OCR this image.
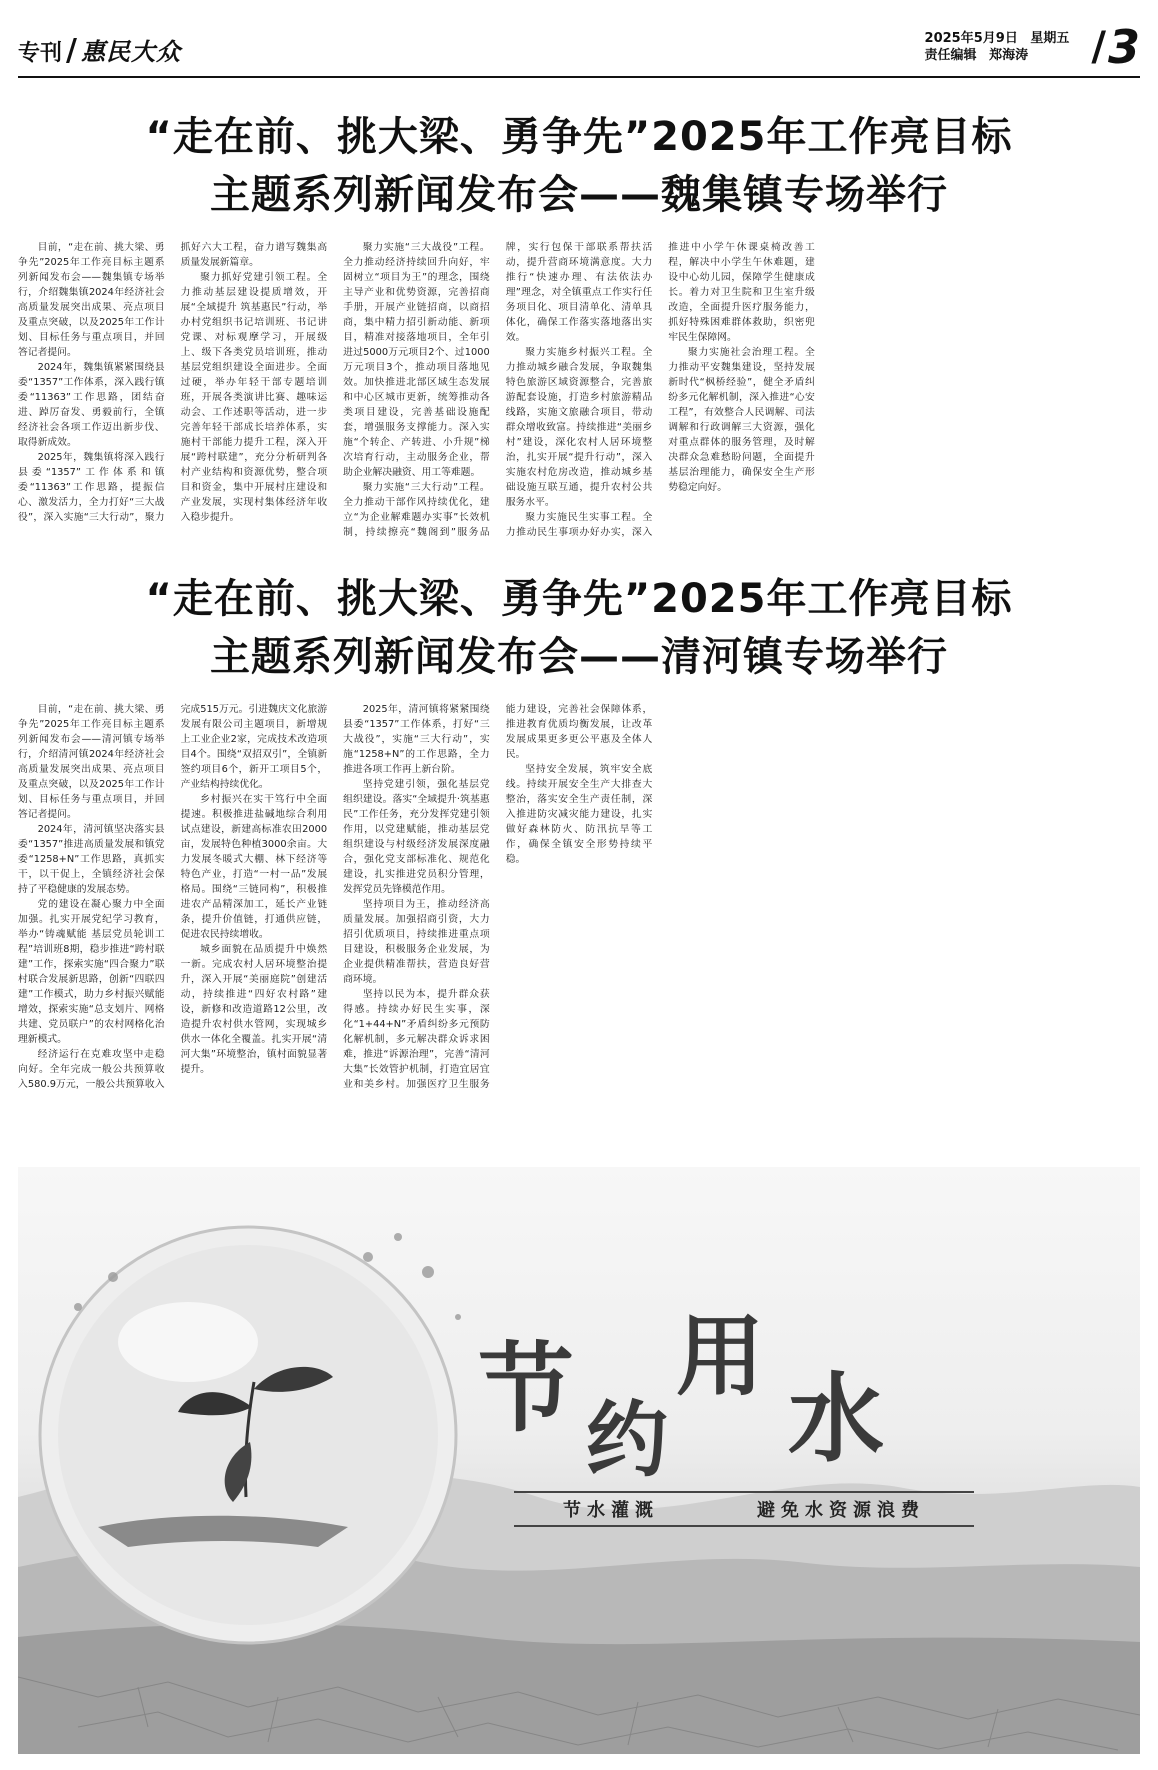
专刊 / 惠民大众	2025年5月9日 星期五
责任编辑 郑海涛	/ 3
“走在前、挑大梁、勇争先”2025年工作亮目标
主题系列新闻发布会——魏集镇专场举行

目前，“走在前、挑大梁、勇争先”2025年工作亮目标主题系列新闻发布会——魏集镇专场举行，介绍魏集镇2024年经济社会高质量发展突出成果、亮点项目及重点突破，以及2025年工作计划、目标任务与重点项目，并回答记者提问。

2024年，魏集镇紧紧围绕县委“1357”工作体系，深入践行镇委“11363”工作思路，团结奋进、踔厉奋发、勇毅前行，全镇经济社会各项工作迈出新步伐、取得新成效。

2025年，魏集镇将深入践行县委“1357”工作体系和镇委“11363”工作思路，提振信心、激发活力，全力打好“三大战役”，深入实施“三大行动”，聚力抓好六大工程，奋力谱写魏集高质量发展新篇章。

聚力抓好党建引领工程。全力推动基层建设提质增效，开展“全域提升 筑基惠民”行动，举办村党组织书记培训班、书记讲党课、对标观摩学习，开展级上、级下各类党员培训班，推动基层党组织建设全面进步。全面过硬，举办年轻干部专题培训班，开展各类演讲比赛、趣味运动会、工作述职等活动，进一步完善年轻干部成长培养体系，实施村干部能力提升工程，深入开展“跨村联建”，充分分析研判各村产业结构和资源优势，整合项目和资金，集中开展村庄建设和产业发展，实现村集体经济年收入稳步提升。

聚力实施“三大战役”工程。全力推动经济持续回升向好，牢固树立“项目为王”的理念，围绕主导产业和优势资源，完善招商手册，开展产业链招商，以商招商，集中精力招引新动能、新项目，精准对接落地项目，全年引进过5000万元项目2个、过1000万元项目3个，推动项目落地见效。加快推进北部区域生态发展和中心区城市更新，统筹推动各类项目建设，完善基础设施配套，增强服务支撑能力。深入实施“个转企、产转进、小升规”梯次培育行动，主动服务企业，帮助企业解决融资、用工等难题。

聚力实施“三大行动”工程。全力推动干部作风持续优化，建立“为企业解难题办实事”长效机制，持续擦亮“魏阁到”服务品牌，实行包保干部联系帮扶活动，提升营商环境满意度。大力推行“快速办理、有法依法办理”理念，对全镇重点工作实行任务项目化、项目清单化、清单具体化，确保工作落实落地落出实效。

聚力实施乡村振兴工程。全力推动城乡融合发展，争取魏集特色旅游区域资源整合，完善旅游配套设施，打造乡村旅游精品线路，实施文旅融合项目，带动群众增收致富。持续推进“美丽乡村”建设，深化农村人居环境整治，扎实开展“提升行动”，深入实施农村危房改造，推动城乡基础设施互联互通，提升农村公共服务水平。

聚力实施民生实事工程。全力推动民生事项办好办实，深入推进中小学午休课桌椅改善工程，解决中小学生午休难题，建设中心幼儿园，保障学生健康成长。着力对卫生院和卫生室升级改造，全面提升医疗服务能力，抓好特殊困难群体救助，织密兜牢民生保障网。

聚力实施社会治理工程。全力推动平安魏集建设，坚持发展新时代“枫桥经验”，健全矛盾纠纷多元化解机制，深入推进“心安工程”，有效整合人民调解、司法调解和行政调解三大资源，强化对重点群体的服务管理，及时解决群众急难愁盼问题，全面提升基层治理能力，确保安全生产形势稳定向好。

“走在前、挑大梁、勇争先”2025年工作亮目标
主题系列新闻发布会——清河镇专场举行

目前，“走在前、挑大梁、勇争先”2025年工作亮目标主题系列新闻发布会——清河镇专场举行，介绍清河镇2024年经济社会高质量发展突出成果、亮点项目及重点突破，以及2025年工作计划、目标任务与重点项目，并回答记者提问。

2024年，清河镇坚决落实县委“1357”推进高质量发展和镇党委“1258+N”工作思路，真抓实干，以干促上，全镇经济社会保持了平稳健康的发展态势。

党的建设在凝心聚力中全面加强。扎实开展党纪学习教育，举办“铸魂赋能 基层党员轮训工程”培训班8期，稳步推进“跨村联建”工作，探索实施“四合聚力”联村联合发展新思路，创新“四联四建”工作模式，助力乡村振兴赋能增效，探索实施“总支划片、网格共建、党员联户”的农村网格化治理新模式。

经济运行在克难攻坚中走稳向好。全年完成一般公共预算收入580.9万元，一般公共预算收入完成515万元。引进魏庆文化旅游发展有限公司主题项目，新增规上工业企业2家，完成技术改造项目4个。围绕“双招双引”，全镇新签约项目6个，新开工项目5个，产业结构持续优化。

乡村振兴在实干笃行中全面提速。积极推进盐碱地综合利用试点建设，新建高标准农田2000亩，发展特色种植3000余亩。大力发展冬暖式大棚、林下经济等特色产业，打造“一村一品”发展格局。围绕“三链同构”，积极推进农产品精深加工，延长产业链条，提升价值链，打通供应链，促进农民持续增收。

城乡面貌在品质提升中焕然一新。完成农村人居环境整治提升，深入开展“美丽庭院”创建活动，持续推进“四好农村路”建设，新修和改造道路12公里，改造提升农村供水管网，实现城乡供水一体化全覆盖。扎实开展“清河大集”环境整治，镇村面貌显著提升。

2025年，清河镇将紧紧围绕县委“1357”工作体系，打好“三大战役”，实施“三大行动”，实施“1258+N”的工作思路，全力推进各项工作再上新台阶。

坚持党建引领，强化基层党组织建设。落实“全域提升·筑基惠民”工作任务，充分发挥党建引领作用，以党建赋能，推动基层党组织建设与村级经济发展深度融合，强化党支部标准化、规范化建设，扎实推进党员积分管理，发挥党员先锋模范作用。

坚持项目为王，推动经济高质量发展。加强招商引资，大力招引优质项目，持续推进重点项目建设，积极服务企业发展，为企业提供精准帮扶，营造良好营商环境。

坚持以民为本，提升群众获得感。持续办好民生实事，深化“1+44+N”矛盾纠纷多元预防化解机制，多元解决群众诉求困难，推进“诉源治理”，完善“清河大集”长效管护机制，打造宜居宜业和美乡村。加强医疗卫生服务能力建设，完善社会保障体系，推进教育优质均衡发展，让改革发展成果更多更公平惠及全体人民。

坚持安全发展，筑牢安全底线。持续开展安全生产大排查大整治，落实安全生产责任制，深入推进防灾减灾能力建设，扎实做好森林防火、防汛抗旱等工作，确保全镇安全形势持续平稳。

节 约
用
水
节水灌溉	避免水资源浪费
